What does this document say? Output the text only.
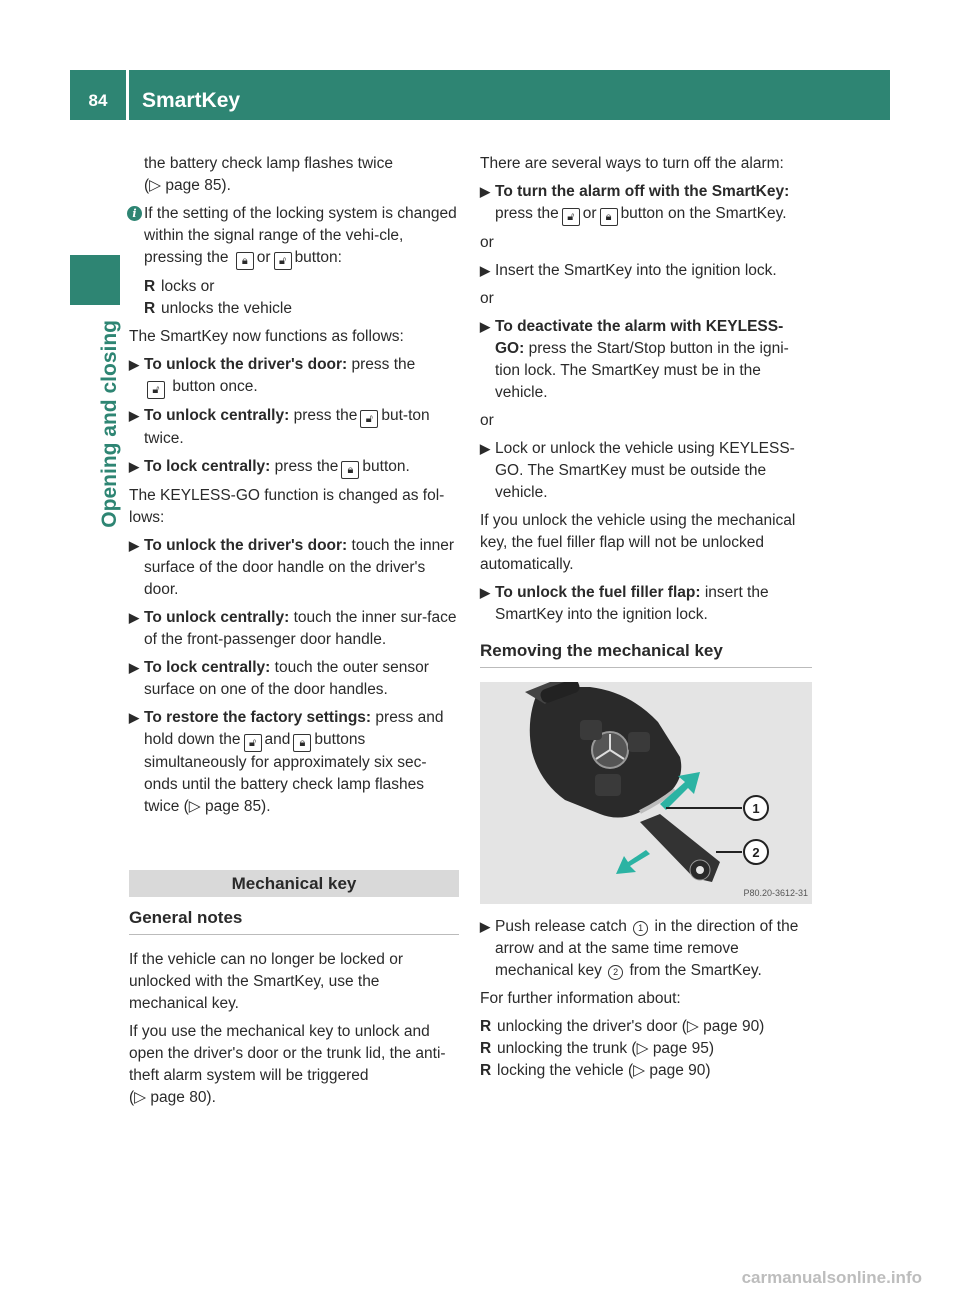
84	SmartKey
Opening and closing

the battery check lamp flashes twice
(▷ page 85).

i If the setting of the locking system is changed within the signal range of the vehi-cle, pressing the 🔒︎ or 🔓︎ button:
R locks or
R unlocks the vehicle

The SmartKey now functions as follows:

▶ To unlock the driver's door: press the
🔓︎ button once.
▶ To unlock centrally: press the 🔓︎ but-ton twice.
▶ To lock centrally: press the 🔒︎ button.

The KEYLESS-GO function is changed as fol-lows:

▶ To unlock the driver's door: touch the inner surface of the door handle on the driver's door.
▶ To unlock centrally: touch the inner sur-face of the front-passenger door handle.
▶ To lock centrally: touch the outer sensor surface on one of the door handles.
▶ To restore the factory settings: press and hold down the 🔓︎ and 🔒︎ buttons simultaneously for approximately six sec-onds until the battery check lamp flashes twice (▷ page 85).
Mechanical key
General notes

If the vehicle can no longer be locked or unlocked with the SmartKey, use the mechanical key.

If you use the mechanical key to unlock and open the driver's door or the trunk lid, the anti-theft alarm system will be triggered
(▷ page 80).

There are several ways to turn off the alarm:

▶ To turn the alarm off with the SmartKey:
press the 🔓︎ or 🔒︎ button on the SmartKey.

or

▶ Insert the SmartKey into the ignition lock.

or

▶ To deactivate the alarm with KEYLESS-GO: press the Start/Stop button in the igni-tion lock. The SmartKey must be in the vehicle.

or

▶ Lock or unlock the vehicle using KEYLESS-GO. The SmartKey must be outside the vehicle.

If you unlock the vehicle using the mechanical key, the fuel filler flap will not be unlocked automatically.

▶ To unlock the fuel filler flap: insert the SmartKey into the ignition lock.
Removing the mechanical key
1
2
P80.20-3612-31
▶ Push release catch 1 in the direction of the arrow and at the same time remove mechanical key 2 from the SmartKey.

For further information about:

R unlocking the driver's door (▷ page 90)
R unlocking the trunk (▷ page 95)
R locking the vehicle (▷ page 90)
carmanualsonline.info
